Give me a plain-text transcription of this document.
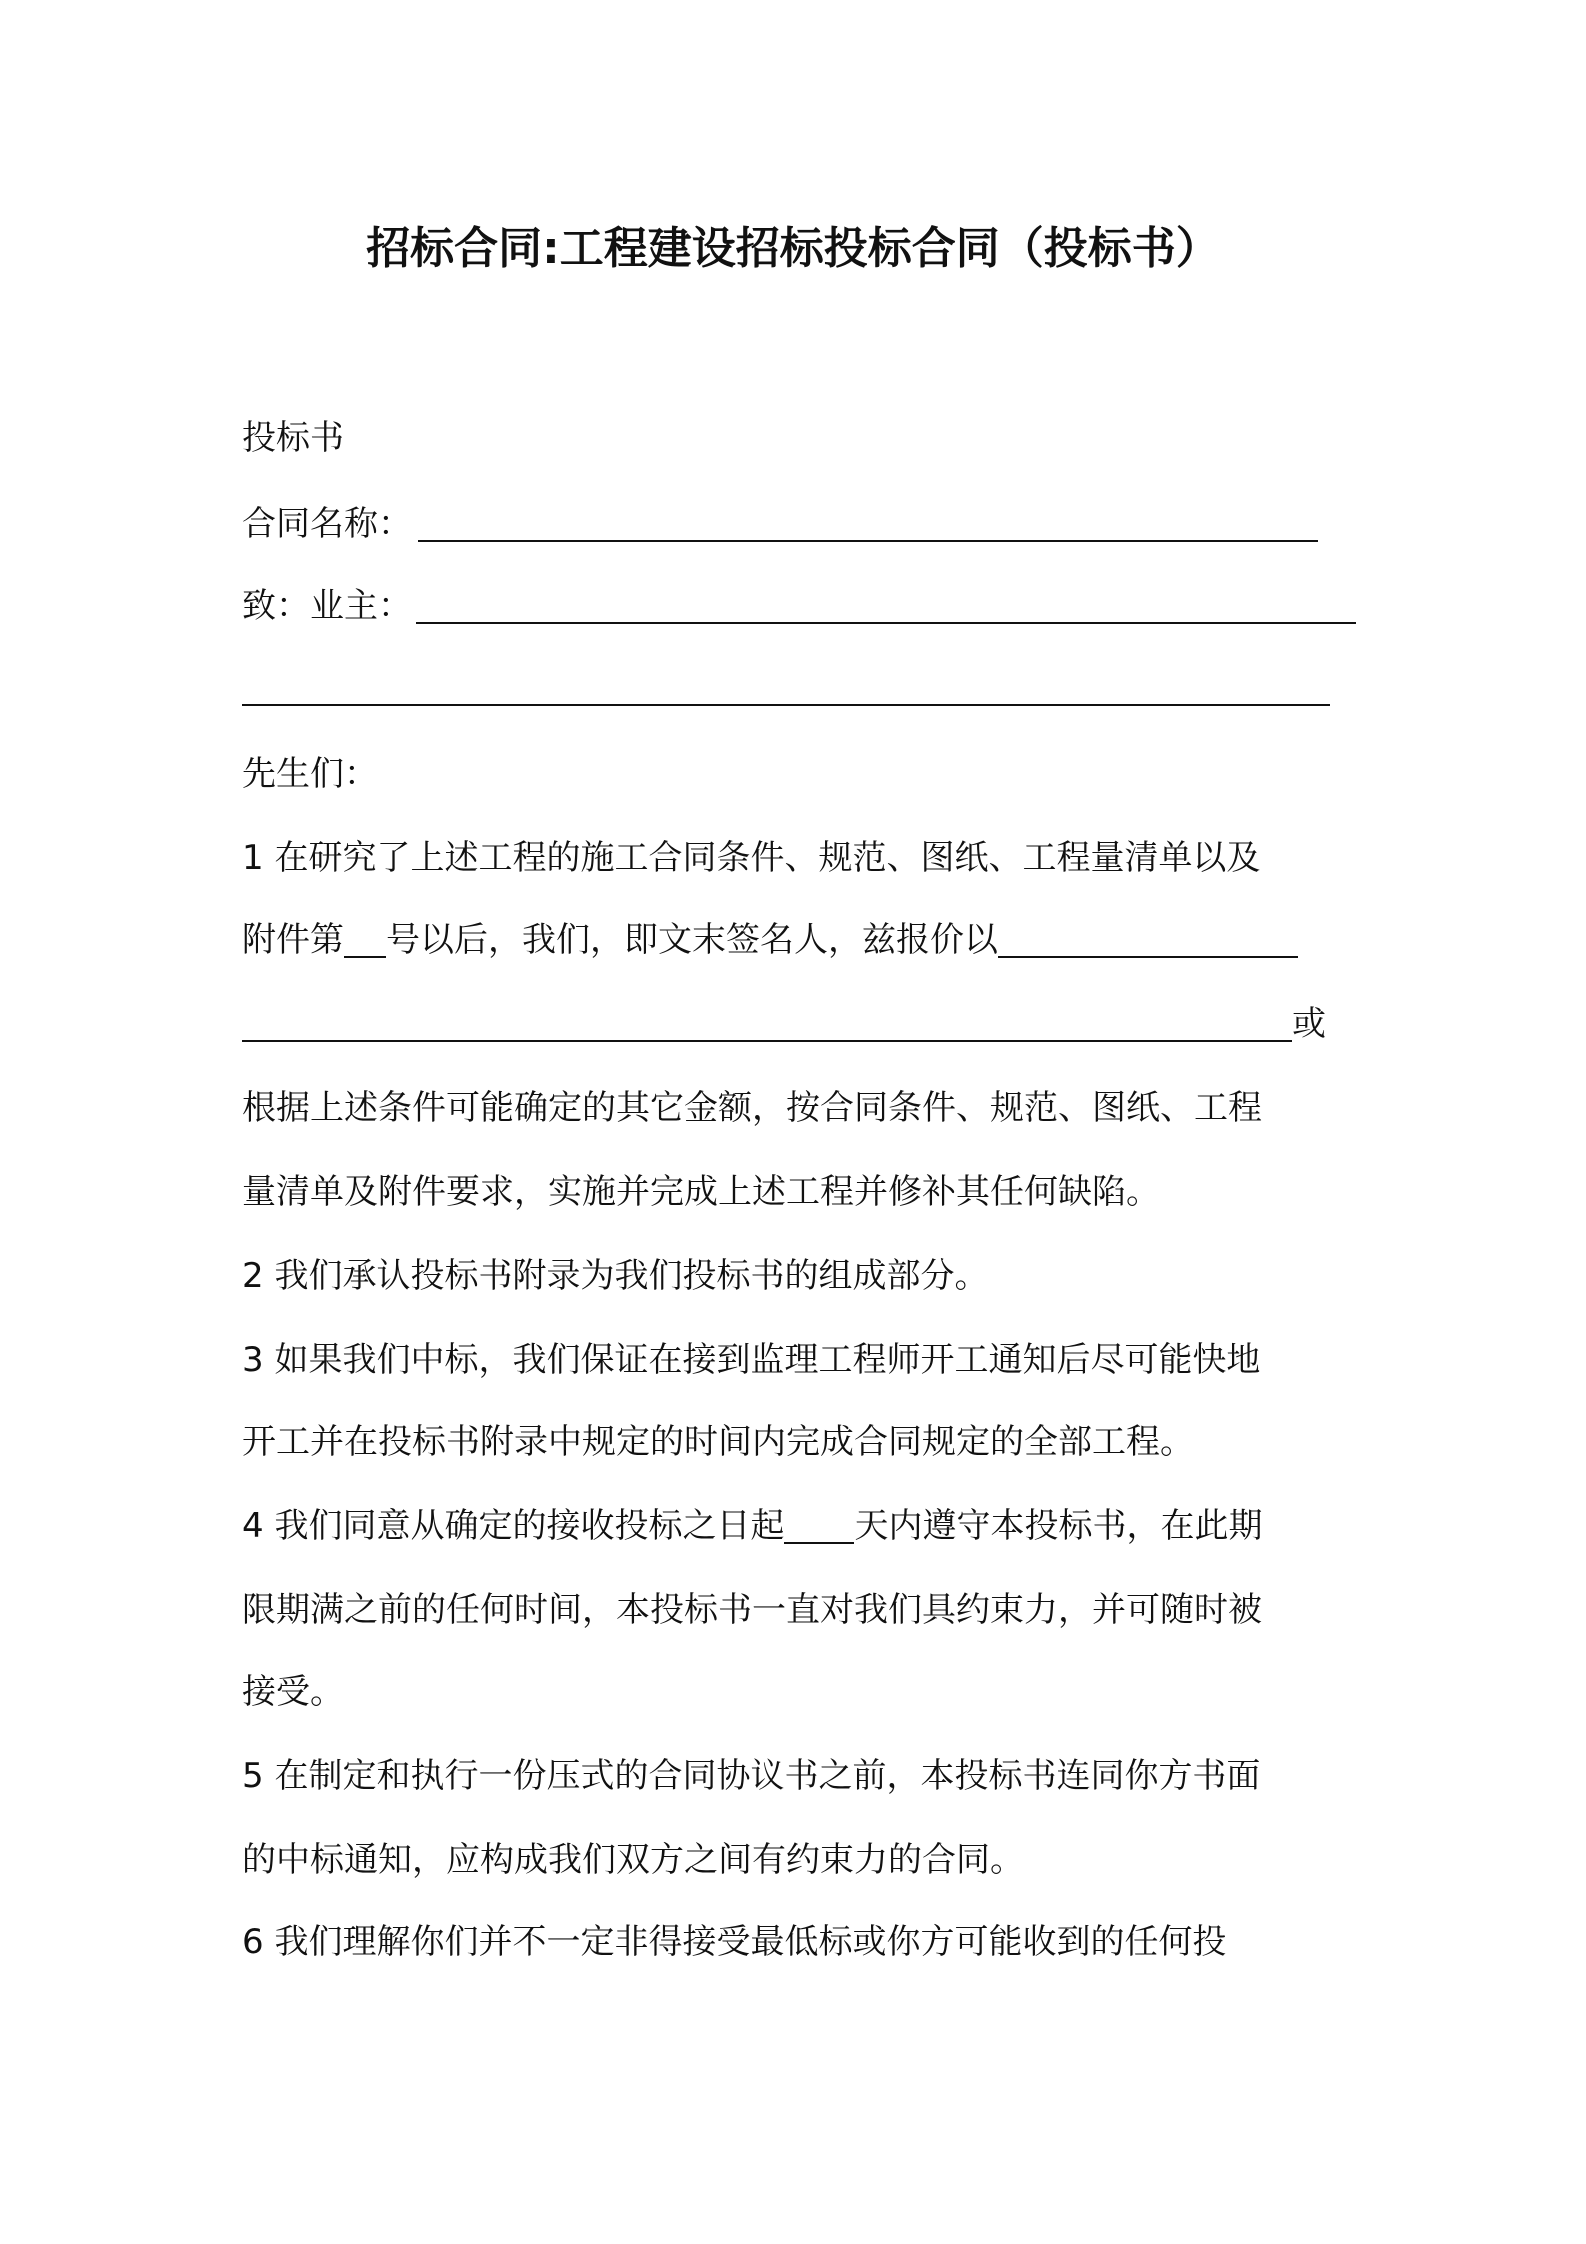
招标合同:工程建设招标投标合同（投标书）
投标书
合同名称：
致：业主：
先生们：
1 在研究了上述工程的施工合同条件、规范、图纸、工程量清单以及
附件第 号以后，我们，即文末签名人，兹报价以
或
根据上述条件可能确定的其它金额，按合同条件、规范、图纸、工程
量清单及附件要求，实施并完成上述工程并修补其任何缺陷。
2 我们承认投标书附录为我们投标书的组成部分。
3 如果我们中标，我们保证在接到监理工程师开工通知后尽可能快地
开工并在投标书附录中规定的时间内完成合同规定的全部工程。
4 我们同意从确定的接收投标之日起 天内遵守本投标书，在此期
限期满之前的任何时间，本投标书一直对我们具约束力，并可随时被
接受。
5 在制定和执行一份压式的合同协议书之前，本投标书连同你方书面
的中标通知，应构成我们双方之间有约束力的合同。
6 我们理解你们并不一定非得接受最低标或你方可能收到的任何投
